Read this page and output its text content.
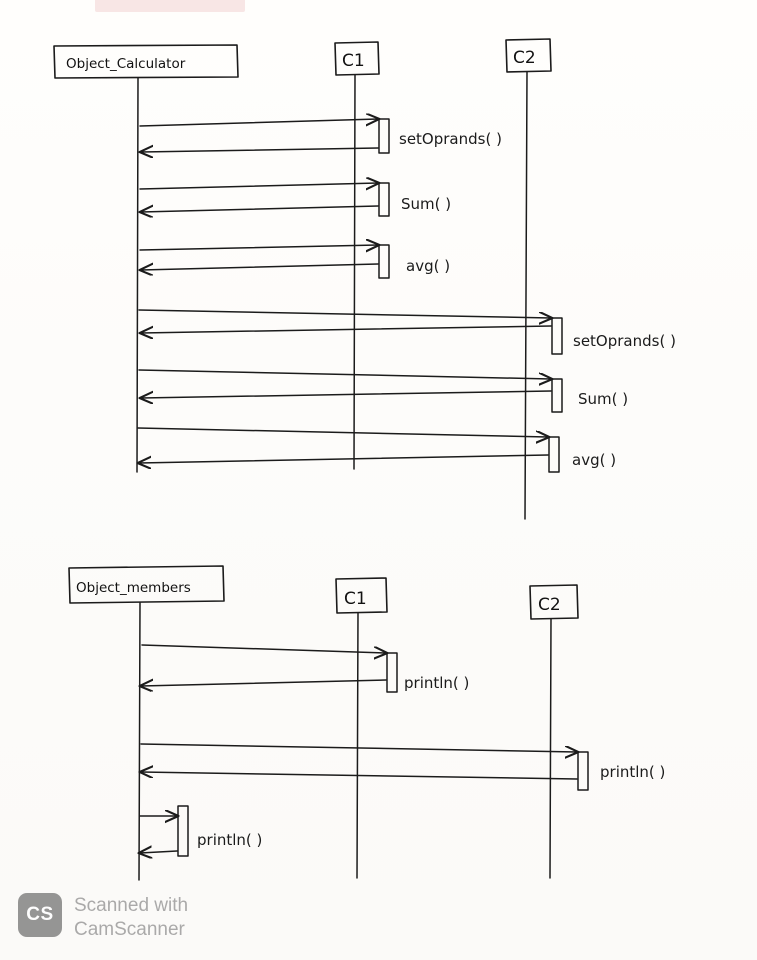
Object_Calculator	C1	C2
setOprands( )
Sum( )
avg( )
setOprands( )
Sum( )
avg( )
Object_members
C1	C2
println( )
println( )
println( )
CS	Scanned with
CamScanner
